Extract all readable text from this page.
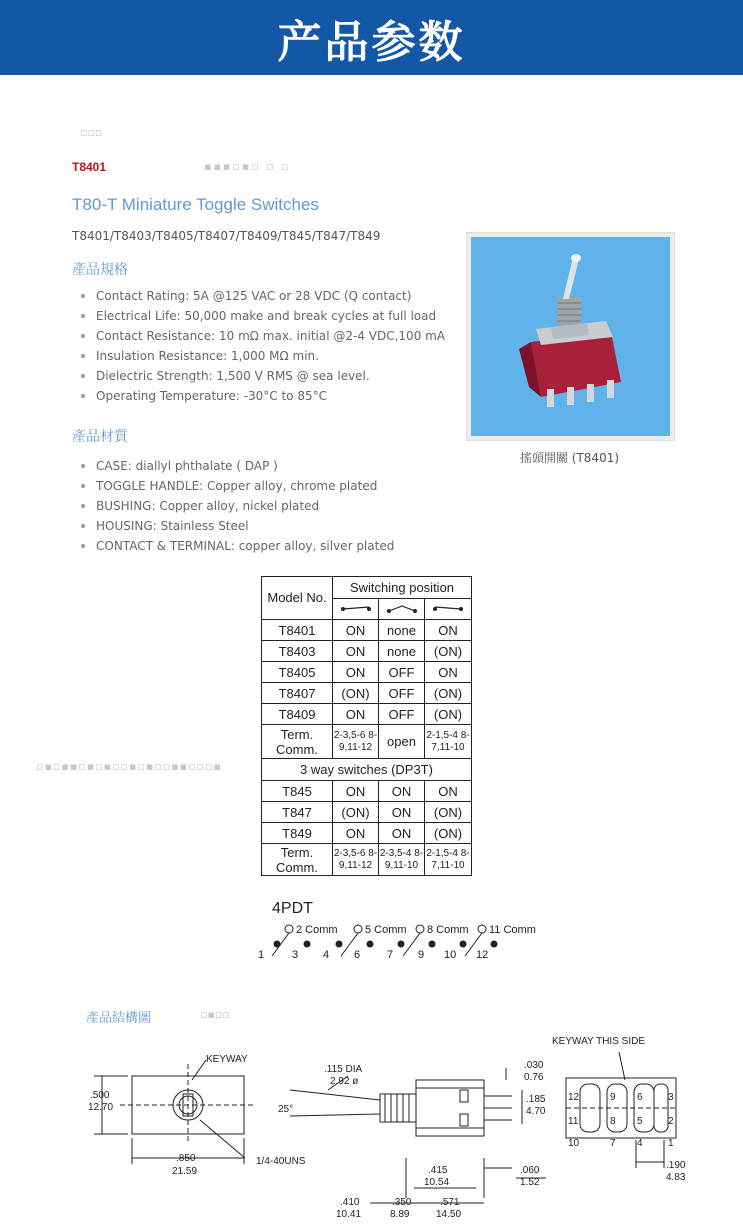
产品参数
▫▫▫
▪▪▪▫▪▫ ▫ ▫
T8401
T80-T Miniature Toggle Switches
T8401/T8403/T8405/T8407/T8409/T845/T847/T849
產品規格
Contact Rating: 5A @125 VAC or 28 VDC (Q contact)
Electrical Life: 50,000 make and break cycles at full load
Contact Resistance: 10 mΩ max. initial @2-4 VDC,100 mA
Insulation Resistance: 1,000 MΩ min.
Dielectric Strength: 1,500 V RMS @ sea level.
Operating Temperature: -30°C to 85°C
產品材質
CASE: diallyl phthalate ( DAP )
TOGGLE HANDLE: Copper alloy, chrome plated
BUSHING: Copper alloy, nickel plated
HOUSING: Stainless Steel
CONTACT & TERMINAL: copper alloy, silver plated
搖頭開關 (T8401)
▫▪▫▪▪▫▪▫▪▫▫▪▫▪▫▫▪▪▫▫▫▪
Model No.	Switching position		

T8401	ON	none	ON
T8403	ON	none	(ON)
T8405	ON	OFF	ON
T8407	(ON)	OFF	(ON)
T8409	ON	OFF	(ON)
Term. Comm.	2-3,5-6 8-9,11-12	open	2-1,5-4 8-7,11-10
3 way switches (DP3T)			
T845	ON	ON	ON
T847	(ON)	ON	(ON)
T849	ON	ON	(ON)
Term. Comm.	2-3,5-6 8-9,11-12	2-3,5-4 8-9,11-10	2-1,5-4 8-7,11-10
4PDT
2 Comm 5 Comm 8 Comm 11 Comm
1	3 4 6 7 9 10 12
產品結構圖	▫▪▫▫
KEYWAY
.500
12.70
.850
21.59
1/4-40UNS
.115 DIA
2.92 ø
25°
.030
0.76
.185
4.70
.415
10.54
.060
1.52
.410
10.41
.350
8.89
.571
14.50
KEYWAY THIS SIDE
.190
4.83
12	9 6	3
11	8 5	2
10	7 4	1
